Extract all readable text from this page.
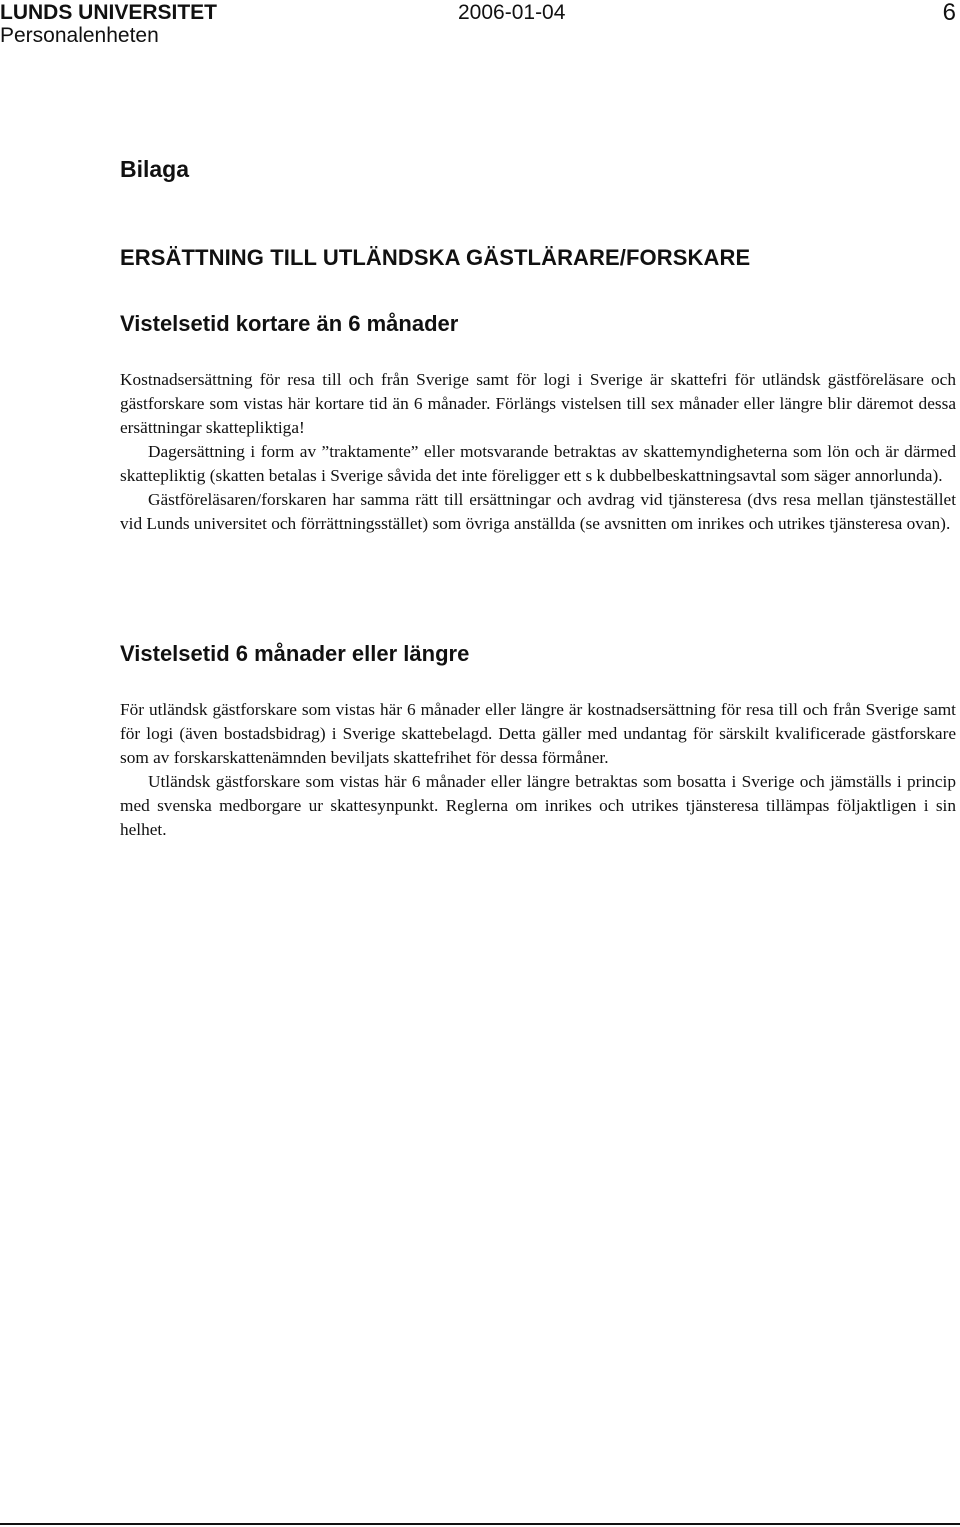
LUNDS UNIVERSITET
Personalenheten
2006-01-04	6
Bilaga
ERSÄTTNING TILL UTLÄNDSKA GÄSTLÄRARE/FORSKARE
Vistelsetid kortare än 6 månader

Kostnadsersättning för resa till och från Sverige samt för logi i Sverige är skattefri för utländsk gästföreläsare och gästforskare som vistas här kortare tid än 6 månader. Förlängs vistelsen till sex månader eller längre blir däremot dessa ersättningar skattepliktiga!

Dagersättning i form av ”traktamente” eller motsvarande betraktas av skattemyndigheterna som lön och är därmed skattepliktig (skatten betalas i Sverige såvida det inte föreligger ett s k dubbelbeskattningsavtal som säger annorlunda).

Gästföreläsaren/forskaren har samma rätt till ersättningar och avdrag vid tjänsteresa (dvs resa mellan tjänstestället vid Lunds universitet och förrättningsstället) som övriga anställda (se avsnitten om inrikes och utrikes tjänsteresa ovan).

Vistelsetid 6 månader eller längre

För utländsk gästforskare som vistas här 6 månader eller längre är kostnadsersättning för resa till och från Sverige samt för logi (även bostadsbidrag) i Sverige skattebelagd. Detta gäller med undantag för särskilt kvalificerade gästforskare som av forskarskattenämnden beviljats skattefrihet för dessa förmåner.

Utländsk gästforskare som vistas här 6 månader eller längre betraktas som bosatta i Sverige och jämställs i princip med svenska medborgare ur skattesynpunkt. Reglerna om inrikes och utrikes tjänsteresa tillämpas följaktligen i sin helhet.
